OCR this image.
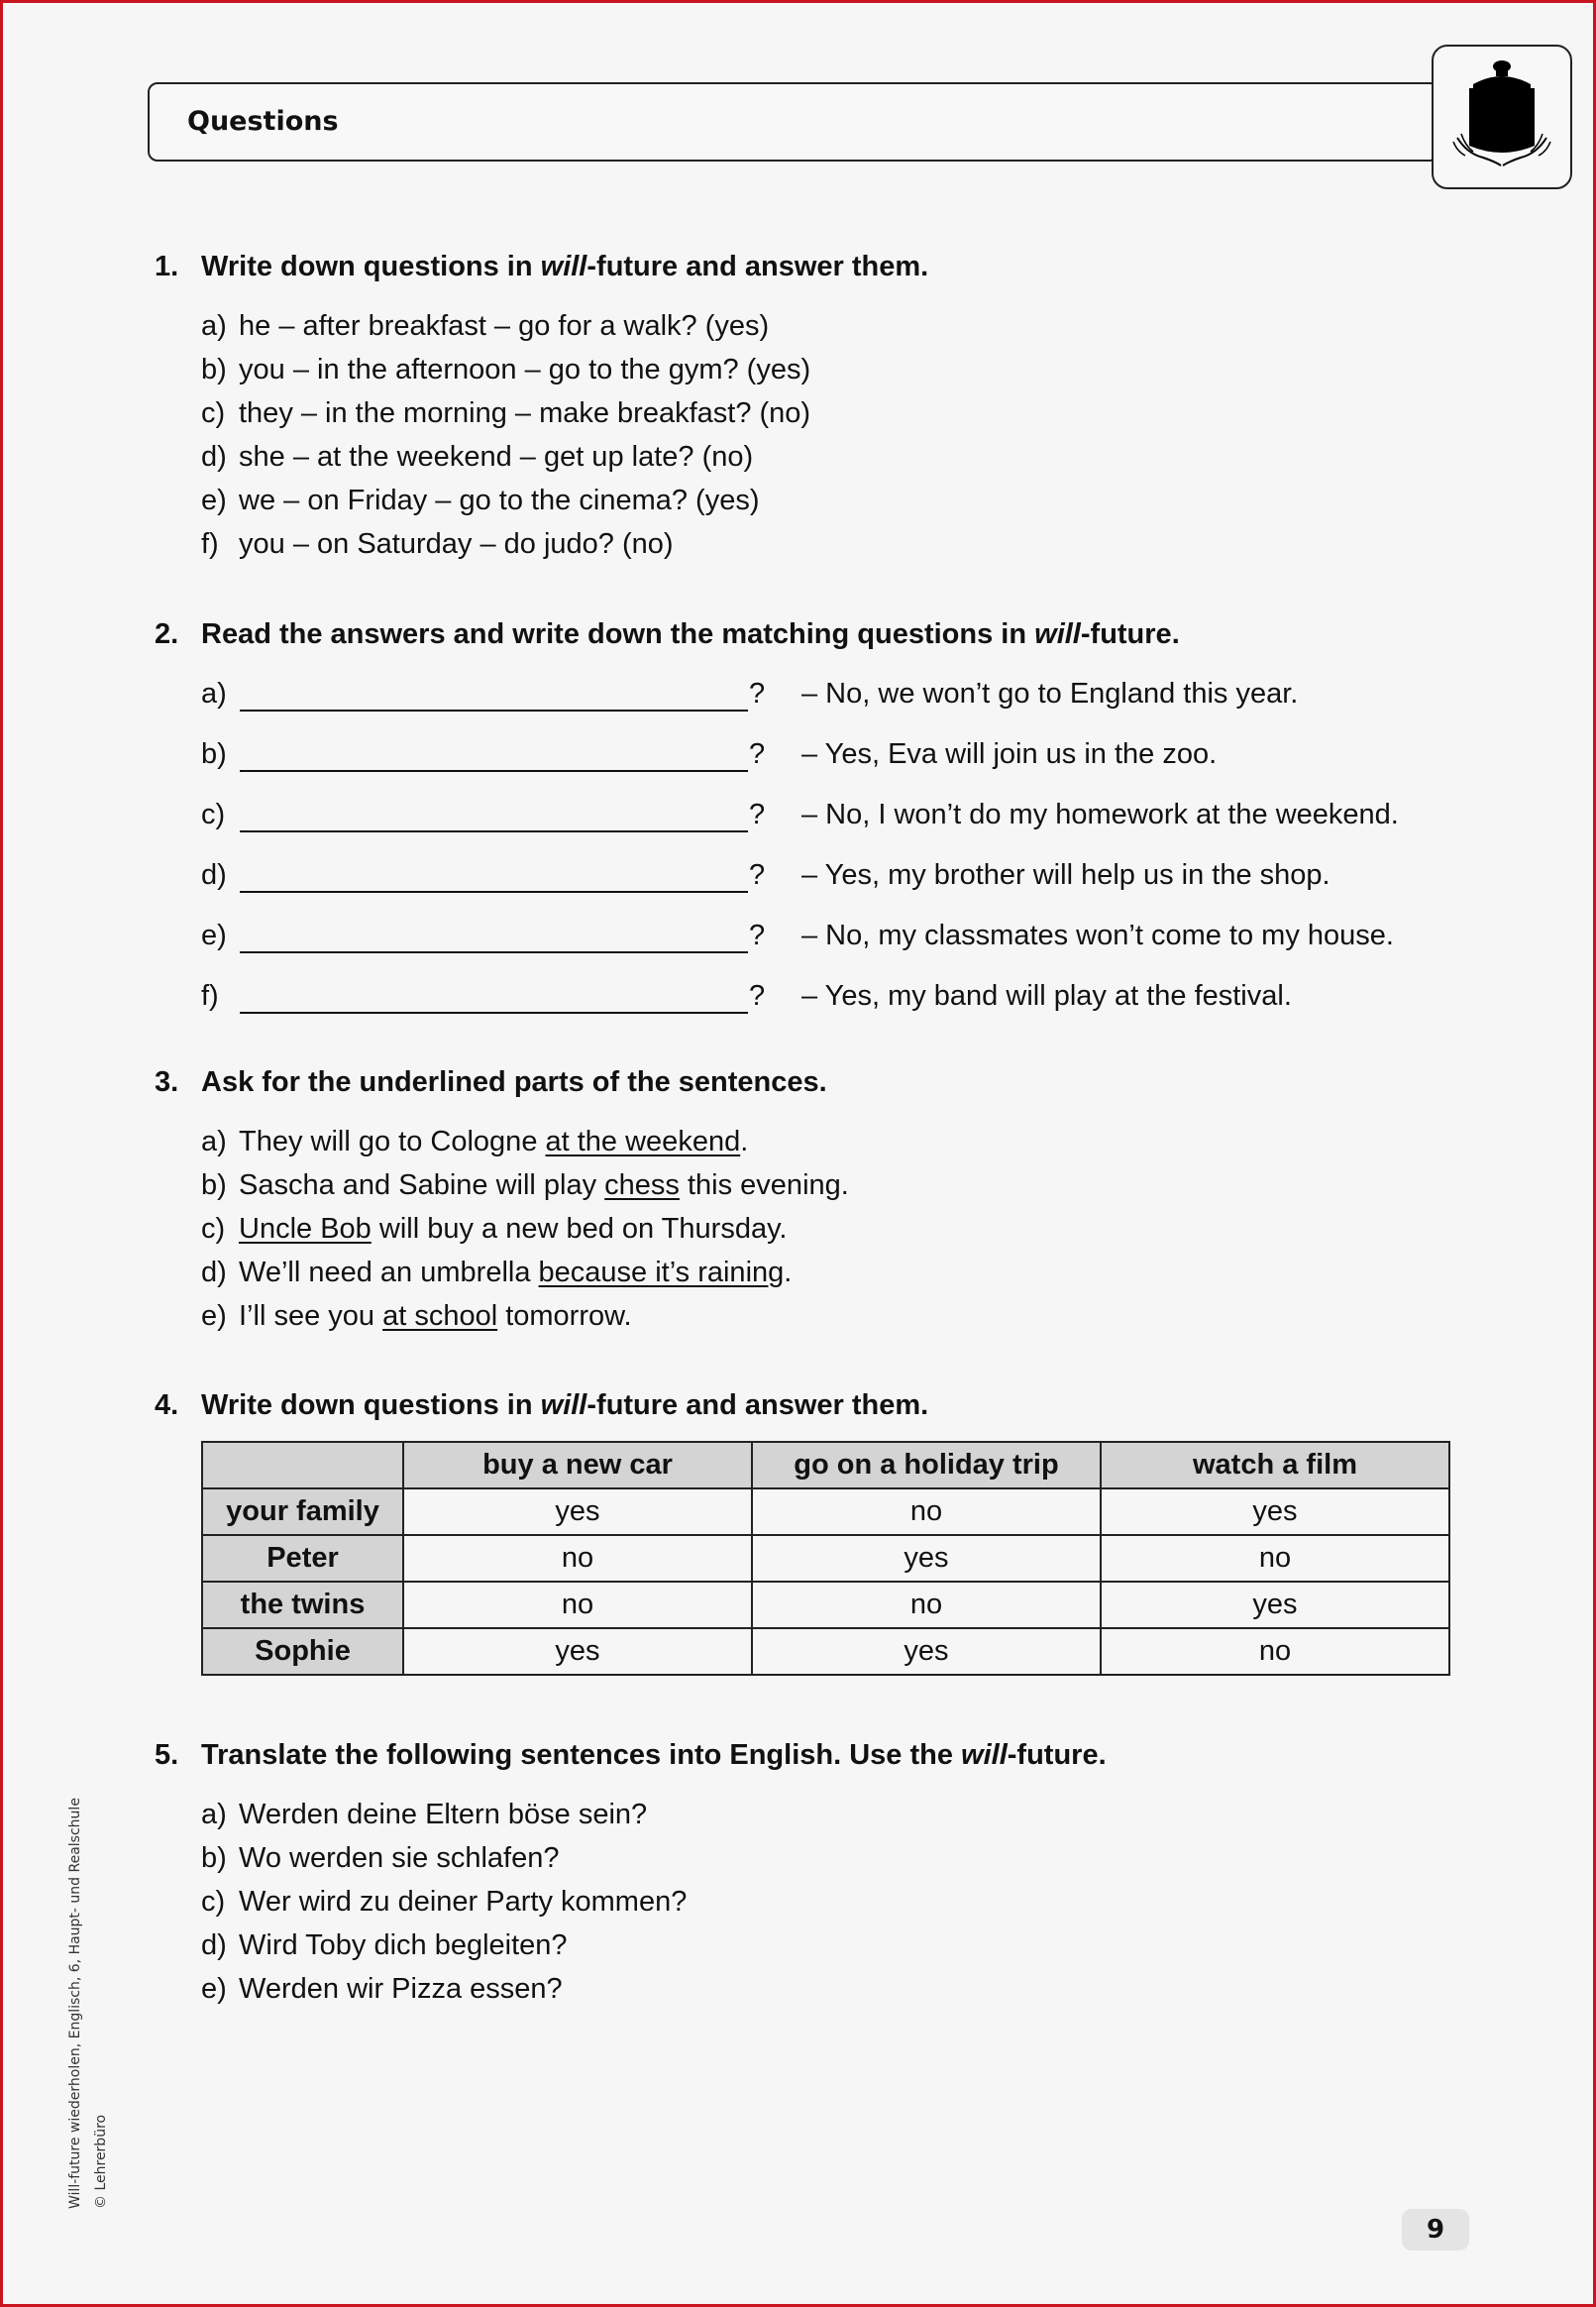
Questions
1. Write down questions in will-future and answer them.
a) he – after breakfast – go for a walk? (yes)
b) you – in the afternoon – go to the gym? (yes)
c) they – in the morning – make breakfast? (no)
d) she – at the weekend – get up late? (no)
e) we – on Friday – go to the cinema? (yes)
f) you – on Saturday – do judo? (no)
2. Read the answers and write down the matching questions in will-future.
a)	? – No, we won’t go to England this year.
b)	? – Yes, Eva will join us in the zoo.
c)	? – No, I won’t do my homework at the weekend.
d)	? – Yes, my brother will help us in the shop.
e)	? – No, my classmates won’t come to my house.
f)	? – Yes, my band will play at the festival.
3. Ask for the underlined parts of the sentences.
a) They will go to Cologne at the weekend.
b) Sascha and Sabine will play chess this evening.
c) Uncle Bob will buy a new bed on Thursday.
d) We’ll need an umbrella because it’s raining.
e) I’ll see you at school tomorrow.
4. Write down questions in will-future and answer them.
	buy a new car	go on a holiday trip	watch a film
your family	yes	no	yes
Peter	no	yes	no
the twins	no	no	yes
Sophie	yes	yes	no
5. Translate the following sentences into English. Use the will-future.
a) Werden deine Eltern böse sein?
b) Wo werden sie schlafen?
c) Wer wird zu deiner Party kommen?
d) Wird Toby dich begleiten?
e) Werden wir Pizza essen?
Will-future wiederholen, Englisch, 6, Haupt- und Realschule © Lehrerbüro
9
